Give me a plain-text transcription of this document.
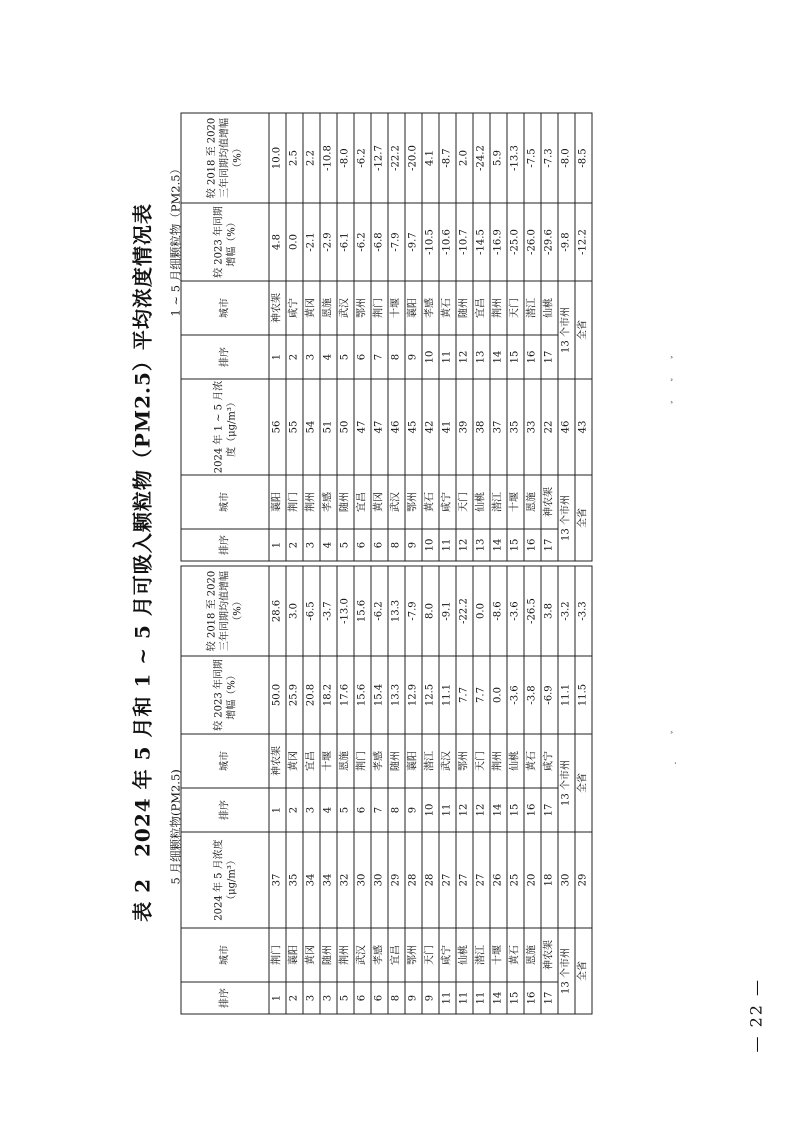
表 2　2024 年 5 月和 1 ~ 5 月可吸入颗粒物（PM2.5）平均浓度情况表
— 22 —
·　　　ˇ
ˇ　　ˇ　　ˇ
5 月细颗粒物(PM2.5)
1 ~ 5 月细颗粒物（PM2.5）
排序	城市	2024 年 5 月浓度（μg/m³）	排序	城市	较 2023 年同期增幅（%）	较 2018 至 2020 三年同期均值增幅（%）
1	荆门	37	1	神农架	50.0	28.6
2	襄阳	35	2	黄冈	25.9	3.0
3	黄冈	34	3	宜昌	20.8	-6.5
3	随州	34	4	十堰	18.2	-3.7
5	荆州	32	5	恩施	17.6	-13.0
6	武汉	30	6	荆门	15.6	15.6
6	孝感	30	7	孝感	15.4	-6.2
8	宜昌	29	8	随州	13.3	13.3
9	鄂州	28	9	襄阳	12.9	-7.9
9	天门	28	10	潜江	12.5	8.0
11	咸宁	27	11	武汉	11.1	-9.1
11	仙桃	27	12	鄂州	7.7	-22.2
11	潜江	27	12	天门	7.7	0.0
14	十堰	26	14	荆州	0.0	-8.6
15	黄石	25	15	仙桃	-3.6	-3.6
16	恩施	20	16	黄石	-3.8	-26.5
17	神农架	18	17	咸宁	-6.9	3.8
13 个市州		30	13 个市州		11.1	-3.2
全省		29	全省		11.5	-3.3
排序	城市	2024 年 1 ~ 5 月浓度（μg/m³）	排序	城市	较 2023 年同期增幅（%）	较 2018 至 2020 三年同期均值增幅（%）
1	襄阳	56	1	神农架	4.8	10.0
2	荆门	55	2	咸宁	0.0	2.5
3	荆州	54	3	黄冈	-2.1	2.2
4	孝感	51	4	恩施	-2.9	-10.8
5	随州	50	5	武汉	-6.1	-8.0
6	宜昌	47	6	鄂州	-6.2	-6.2
6	黄冈	47	7	荆门	-6.8	-12.7
8	武汉	46	8	十堰	-7.9	-22.2
9	鄂州	45	9	襄阳	-9.7	-20.0
10	黄石	42	10	孝感	-10.5	4.1
11	咸宁	41	11	黄石	-10.6	-8.7
12	天门	39	12	随州	-10.7	2.0
13	仙桃	38	13	宜昌	-14.5	-24.2
14	潜江	37	14	荆州	-16.9	5.9
15	十堰	35	15	天门	-25.0	-13.3
16	恩施	33	16	潜江	-26.0	-7.5
17	神农架	22	17	仙桃	-29.6	-7.3
13 个市州		46	13 个市州		-9.8	-8.0
全省		43	全省		-12.2	-8.5
